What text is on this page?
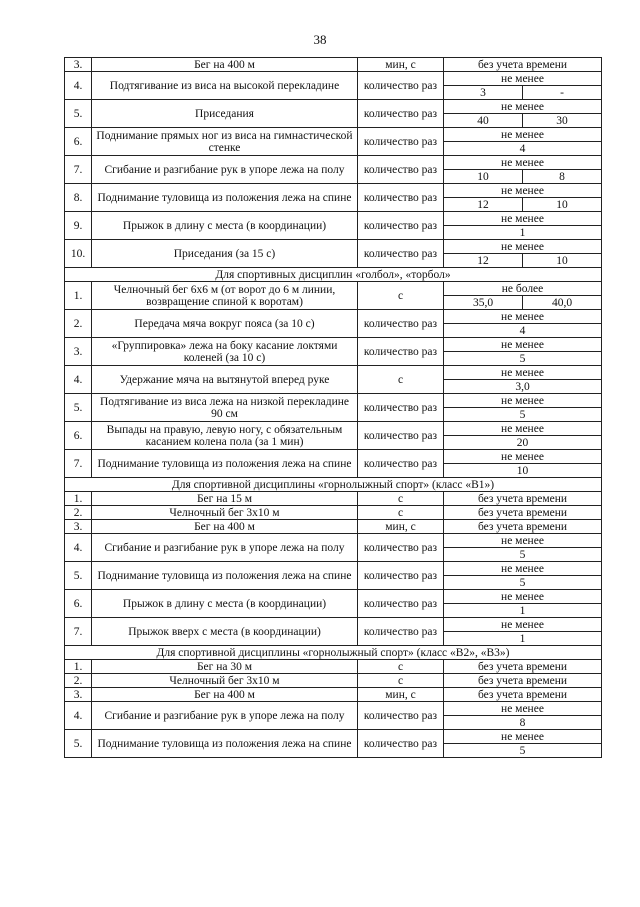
38
3.	Бег на 400 м	мин, с	без учета времени
4.	Подтягивание из виса на высокой перекладине	количество раз	не менее
3 -

5.	Приседания	количество раз	не менее
40 30

6.	Поднимание прямых ног из виса на гимнастической стенке	количество раз	не менее
4

7.	Сгибание и разгибание рук в упоре лежа на полу	количество раз	не менее
10 8

8.	Поднимание туловища из положения лежа на спине	количество раз	не менее
12 10

9.	Прыжок в длину с места (в координации)	количество раз	не менее
1

10.	Приседания (за 15 с)	количество раз	не менее
12 10

Для спортивных дисциплин «голбол», «торбол»			
1.	Челночный бег 6х6 м (от ворот до 6 м линии, возвращение спиной к воротам)	с	не более
35,0 40,0

2.	Передача мяча вокруг пояса (за 10 с)	количество раз	не менее
4

3.	«Группировка» лежа на боку касание локтями коленей (за 10 с)	количество раз	не менее
5

4.	Удержание мяча на вытянутой вперед руке	с	не менее
3,0

5.	Подтягивание из виса лежа на низкой перекладине 90 см	количество раз	не менее
5

6.	Выпады на правую, левую ногу, с обязательным касанием колена пола (за 1 мин)	количество раз	не менее
20

7.	Поднимание туловища из положения лежа на спине	количество раз	не менее
10

Для спортивной дисциплины «горнолыжный спорт» (класс «В1»)			
1.	Бег на 15 м	с	без учета времени
2.	Челночный бег 3х10 м	с	без учета времени
3.	Бег на 400 м	мин, с	без учета времени
4.	Сгибание и разгибание рук в упоре лежа на полу	количество раз	не менее
5

5.	Поднимание туловища из положения лежа на спине	количество раз	не менее
5

6.	Прыжок в длину с места (в координации)	количество раз	не менее
1

7.	Прыжок вверх с места (в координации)	количество раз	не менее
1

Для спортивной дисциплины «горнолыжный спорт» (класс «В2», «В3»)			
1.	Бег на 30 м	с	без учета времени
2.	Челночный бег 3х10 м	с	без учета времени
3.	Бег на 400 м	мин, с	без учета времени
4.	Сгибание и разгибание рук в упоре лежа на полу	количество раз	не менее
8

5.	Поднимание туловища из положения лежа на спине	количество раз	не менее
5
